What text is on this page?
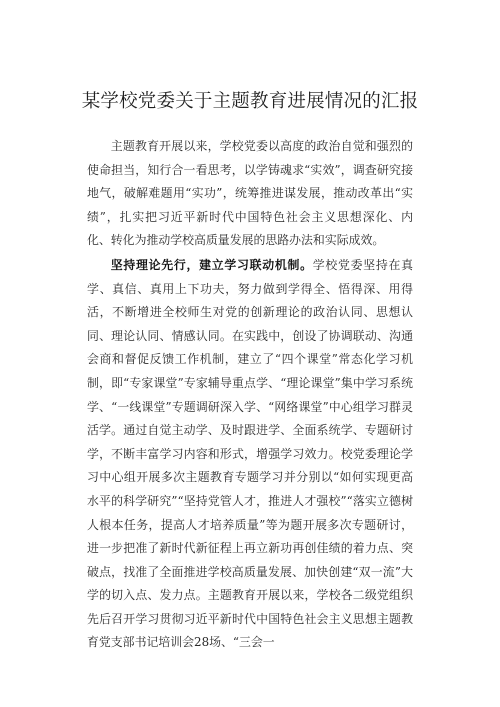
某学校党委关于主题教育进展情况的汇报

主题教育开展以来，学校党委以高度的政治自觉和强烈的使命担当，知行合一看思考，以学铸魂求“实效”，调查研究接地气，破解难题用“实功”，统筹推进谋发展，推动改革出“实绩”，扎实把习近平新时代中国特色社会主义思想深化、内化、转化为推动学校高质量发展的思路办法和实际成效。

坚持理论先行，建立学习联动机制。学校党委坚持在真学、真信、真用上下功夫，努力做到学得全、悟得深、用得活，不断增进全校师生对党的创新理论的政治认同、思想认同、理论认同、情感认同。在实践中，创设了协调联动、沟通会商和督促反馈工作机制，建立了“四个课堂”常态化学习机制，即“专家课堂”专家辅导重点学、“理论课堂”集中学习系统学、“一线课堂”专题调研深入学、“网络课堂”中心组学习群灵活学。通过自觉主动学、及时跟进学、全面系统学、专题研讨学，不断丰富学习内容和形式，增强学习效力。校党委理论学习中心组开展多次主题教育专题学习并分别以“如何实现更高水平的科学研究”“坚持党管人才，推进人才强校”“落实立德树人根本任务，提高人才培养质量”等为题开展多次专题研讨，进一步把准了新时代新征程上再立新功再创佳绩的着力点、突破点，找准了全面推进学校高质量发展、加快创建“双一流”大学的切入点、发力点。主题教育开展以来，学校各二级党组织先后召开学习贯彻习近平新时代中国特色社会主义思想主题教育党支部书记培训会28场、“三会一
